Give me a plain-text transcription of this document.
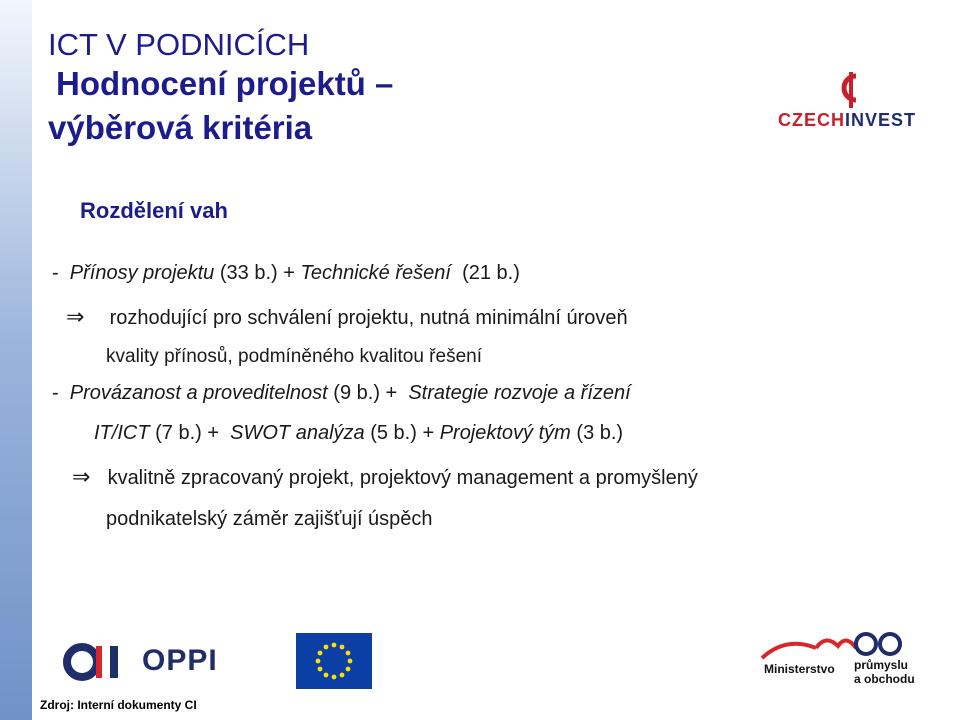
ICT V PODNICÍCH
Hodnocení projektů –
výběrová kritéria	CZECHINVEST
Rozdělení vah
- Přínosy projektu (33 b.) + Technické řešení (21 b.)
⇒ rozhodující pro schválení projektu, nutná minimální úroveň
kvality přínosů, podmíněného kvalitou řešení
- Provázanost a proveditelnost (9 b.) + Strategie rozvoje a řízení
IT/ICT (7 b.) + SWOT analýza (5 b.) + Projektový tým (3 b.)
⇒ kvalitně zpracovaný projekt, projektový management a promyšlený
podnikatelský záměr zajišťují úspěch
OPPI	Ministerstvo průmyslu
a obchodu
Zdroj: Interní dokumenty CI
